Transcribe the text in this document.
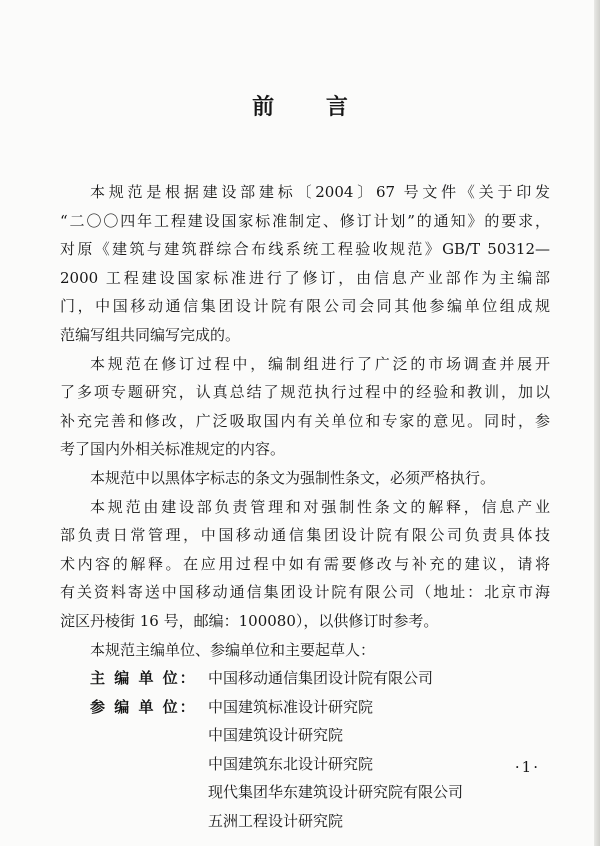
前 言
本规范是根据建设部建标〔2004〕67 号文件《关于印发
“二〇〇四年工程建设国家标准制定、修订计划”的通知》的要求，
对原《建筑与建筑群综合布线系统工程验收规范》GB/T 50312—
2000 工程建设国家标准进行了修订，由信息产业部作为主编部
门，中国移动通信集团设计院有限公司会同其他参编单位组成规
范编写组共同编写完成的。
本规范在修订过程中，编制组进行了广泛的市场调查并展开
了多项专题研究，认真总结了规范执行过程中的经验和教训，加以
补充完善和修改，广泛吸取国内有关单位和专家的意见。同时，参
考了国内外相关标准规定的内容。
本规范中以黑体字标志的条文为强制性条文，必须严格执行。
本规范由建设部负责管理和对强制性条文的解释，信息产业
部负责日常管理，中国移动通信集团设计院有限公司负责具体技
术内容的解释。在应用过程中如有需要修改与补充的建议，请将
有关资料寄送中国移动通信集团设计院有限公司（地址：北京市海
淀区丹棱街 16 号，邮编：100080），以供修订时参考。
本规范主编单位、参编单位和主要起草人：
主 编 单 位： 中国移动通信集团设计院有限公司
参 编 单 位： 中国建筑标准设计研究院
中国建筑设计研究院
中国建筑东北设计研究院
现代集团华东建筑设计研究院有限公司
五洲工程设计研究院
·1·
